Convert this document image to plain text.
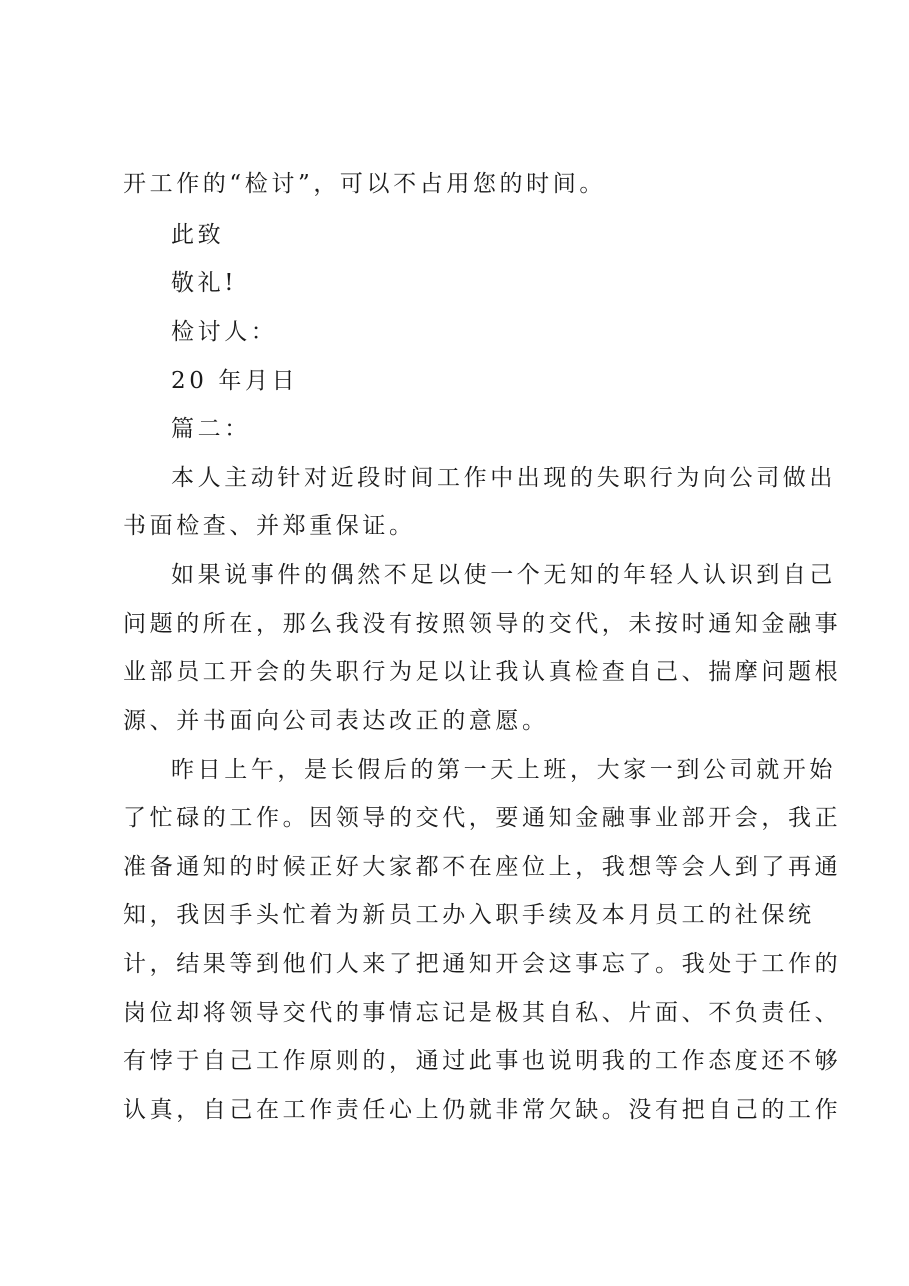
开工作的“检讨”，可以不占用您的时间。
此致
敬礼!
检讨人：
20 年月日
篇二：
本人主动针对近段时间工作中出现的失职行为向公司做出
书面检查、并郑重保证。
如果说事件的偶然不足以使一个无知的年轻人认识到自己
问题的所在，那么我没有按照领导的交代，未按时通知金融事
业部员工开会的失职行为足以让我认真检查自己、揣摩问题根
源、并书面向公司表达改正的意愿。
昨日上午，是长假后的第一天上班，大家一到公司就开始
了忙碌的工作。因领导的交代，要通知金融事业部开会，我正
准备通知的时候正好大家都不在座位上，我想等会人到了再通
知，我因手头忙着为新员工办入职手续及本月员工的社保统
计，结果等到他们人来了把通知开会这事忘了。我处于工作的
岗位却将领导交代的事情忘记是极其自私、片面、不负责任、
有悖于自己工作原则的，通过此事也说明我的工作态度还不够
认真，自己在工作责任心上仍就非常欠缺。没有把自己的工作
